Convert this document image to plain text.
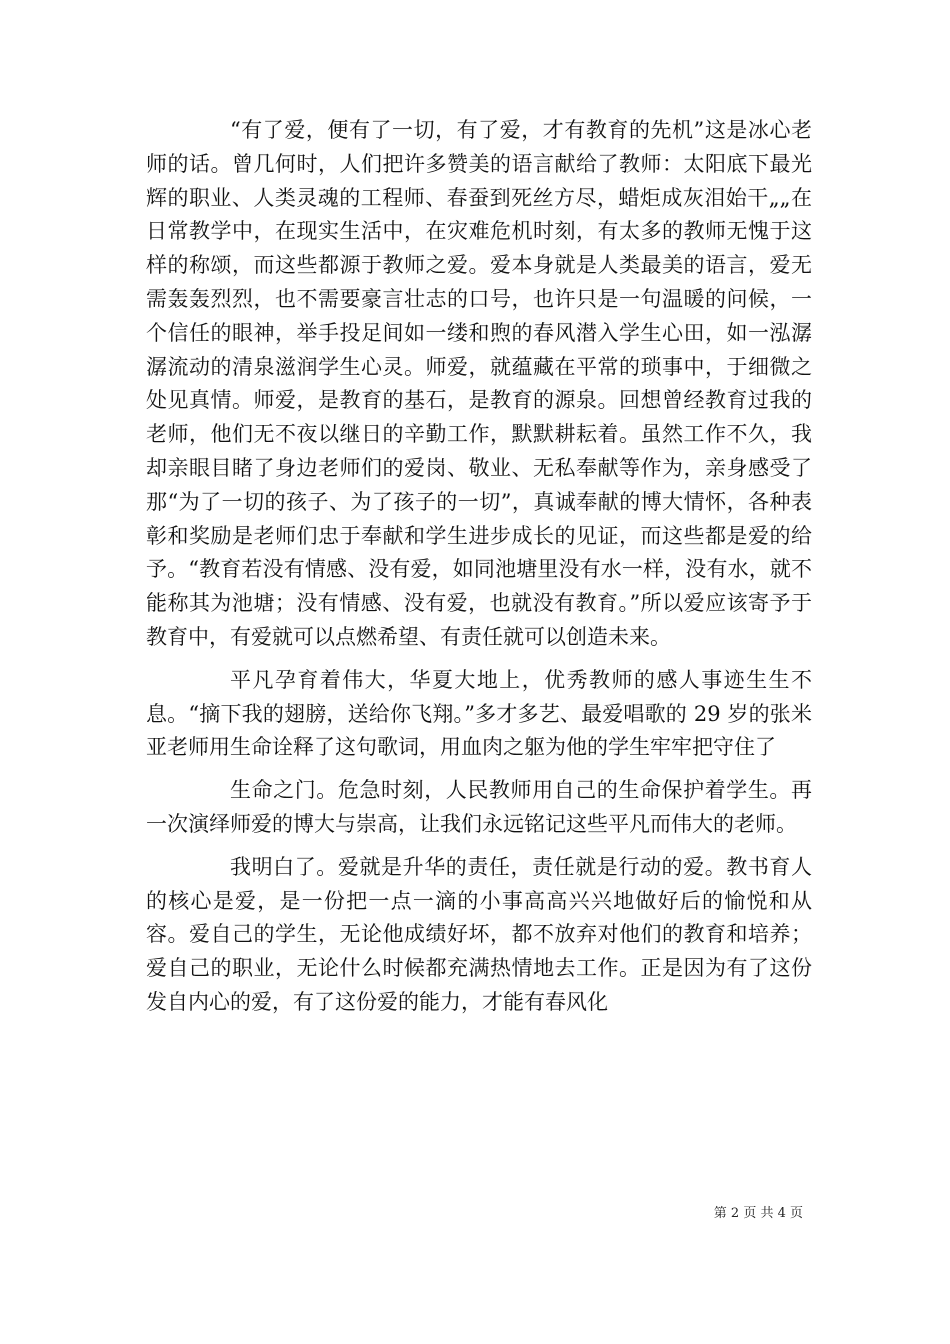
“有了爱，便有了一切，有了爱，才有教育的先机”这是冰心老师的话。曾几何时，人们把许多赞美的语言献给了教师：太阳底下最光辉的职业、人类灵魂的工程师、春蚕到死丝方尽，蜡炬成灰泪始干„„在日常教学中，在现实生活中，在灾难危机时刻，有太多的教师无愧于这样的称颂，而这些都源于教师之爱。爱本身就是人类最美的语言，爱无需轰轰烈烈，也不需要豪言壮志的口号，也许只是一句温暖的问候，一个信任的眼神，举手投足间如一缕和煦的春风潜入学生心田，如一泓潺潺流动的清泉滋润学生心灵。师爱，就蕴藏在平常的琐事中，于细微之处见真情。师爱，是教育的基石，是教育的源泉。回想曾经教育过我的老师，他们无不夜以继日的辛勤工作，默默耕耘着。虽然工作不久，我却亲眼目睹了身边老师们的爱岗、敬业、无私奉献等作为，亲身感受了那“为了一切的孩子、为了孩子的一切”，真诚奉献的博大情怀，各种表彰和奖励是老师们忠于奉献和学生进步成长的见证，而这些都是爱的给予。“教育若没有情感、没有爱，如同池塘里没有水一样，没有水，就不能称其为池塘；没有情感、没有爱，也就没有教育。”所以爱应该寄予于教育中，有爱就可以点燃希望、有责任就可以创造未来。

平凡孕育着伟大，华夏大地上，优秀教师的感人事迹生生不息。“摘下我的翅膀，送给你飞翔。”多才多艺、最爱唱歌的 29 岁的张米亚老师用生命诠释了这句歌词，用血肉之躯为他的学生牢牢把守住了

生命之门。危急时刻，人民教师用自己的生命保护着学生。再一次演绎师爱的博大与崇高，让我们永远铭记这些平凡而伟大的老师。

我明白了。爱就是升华的责任，责任就是行动的爱。教书育人的核心是爱，是一份把一点一滴的小事高高兴兴地做好后的愉悦和从容。爱自己的学生，无论他成绩好坏，都不放弃对他们的教育和培养；爱自己的职业，无论什么时候都充满热情地去工作。正是因为有了这份发自内心的爱，有了这份爱的能力，才能有春风化

第 2 页 共 4 页
